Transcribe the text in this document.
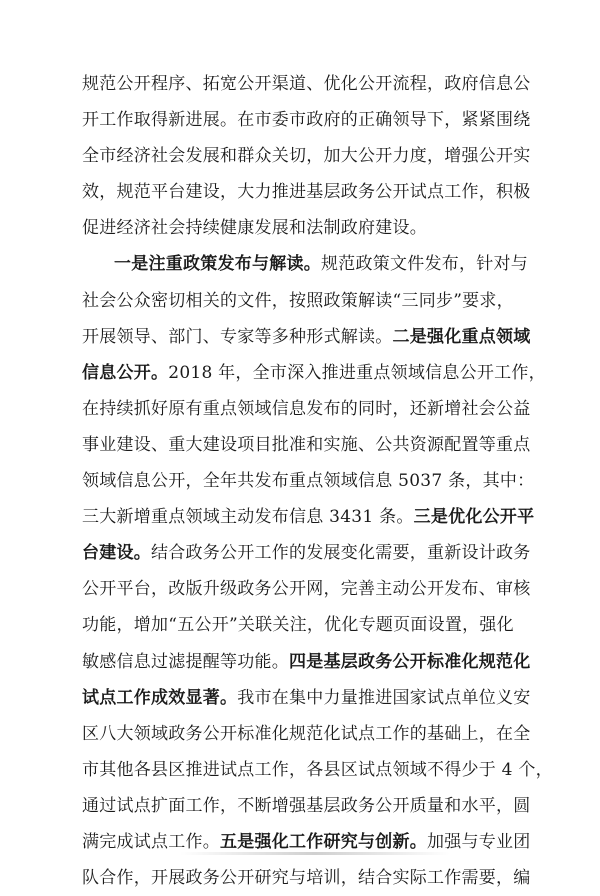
规范公开程序、拓宽公开渠道、优化公开流程，政府信息公
开工作取得新进展。在市委市政府的正确领导下，紧紧围绕
全市经济社会发展和群众关切，加大公开力度，增强公开实
效，规范平台建设，大力推进基层政务公开试点工作，积极
促进经济社会持续健康发展和法制政府建设。
一是注重政策发布与解读。规范政策文件发布，针对与
社会公众密切相关的文件，按照政策解读“三同步”要求，
开展领导、部门、专家等多种形式解读。二是强化重点领域
信息公开。2018 年，全市深入推进重点领域信息公开工作，
在持续抓好原有重点领域信息发布的同时，还新增社会公益
事业建设、重大建设项目批准和实施、公共资源配置等重点
领域信息公开，全年共发布重点领域信息 5037 条，其中：
三大新增重点领域主动发布信息 3431 条。三是优化公开平
台建设。结合政务公开工作的发展变化需要，重新设计政务
公开平台，改版升级政务公开网，完善主动公开发布、审核
功能，增加“五公开”关联关注，优化专题页面设置，强化
敏感信息过滤提醒等功能。四是基层政务公开标准化规范化
试点工作成效显著。我市在集中力量推进国家试点单位义安
区八大领域政务公开标准化规范化试点工作的基础上，在全
市其他各县区推进试点工作，各县区试点领域不得少于 4 个，
通过试点扩面工作，不断增强基层政务公开质量和水平，圆
满完成试点工作。五是强化工作研究与创新。加强与专业团
队合作，开展政务公开研究与培训，结合实际工作需要，编
